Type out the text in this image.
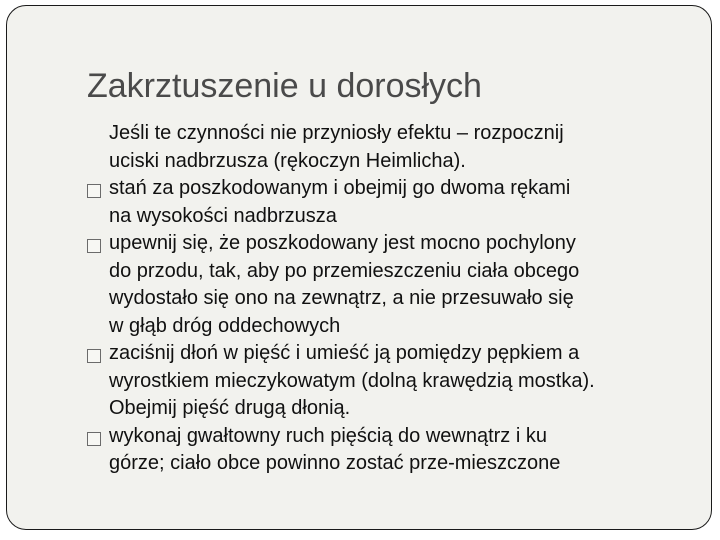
Zakrztuszenie u dorosłych
Jeśli te czynności nie przyniosły efektu – rozpocznij
uciski nadbrzusza (rękoczyn Heimlicha).
stań za poszkodowanym i obejmij go dwoma rękami
na wysokości nadbrzusza
upewnij się, że poszkodowany jest mocno pochylony
do przodu, tak, aby po przemieszczeniu ciała obcego
wydostało się ono na zewnątrz, a nie przesuwało się
w głąb dróg oddechowych
zaciśnij dłoń w pięść i umieść ją pomiędzy pępkiem a
wyrostkiem mieczykowatym (dolną krawędzią mostka).
Obejmij pięść drugą dłonią.
wykonaj gwałtowny ruch pięścią do wewnątrz i ku
górze; ciało obce powinno zostać prze-mieszczone
